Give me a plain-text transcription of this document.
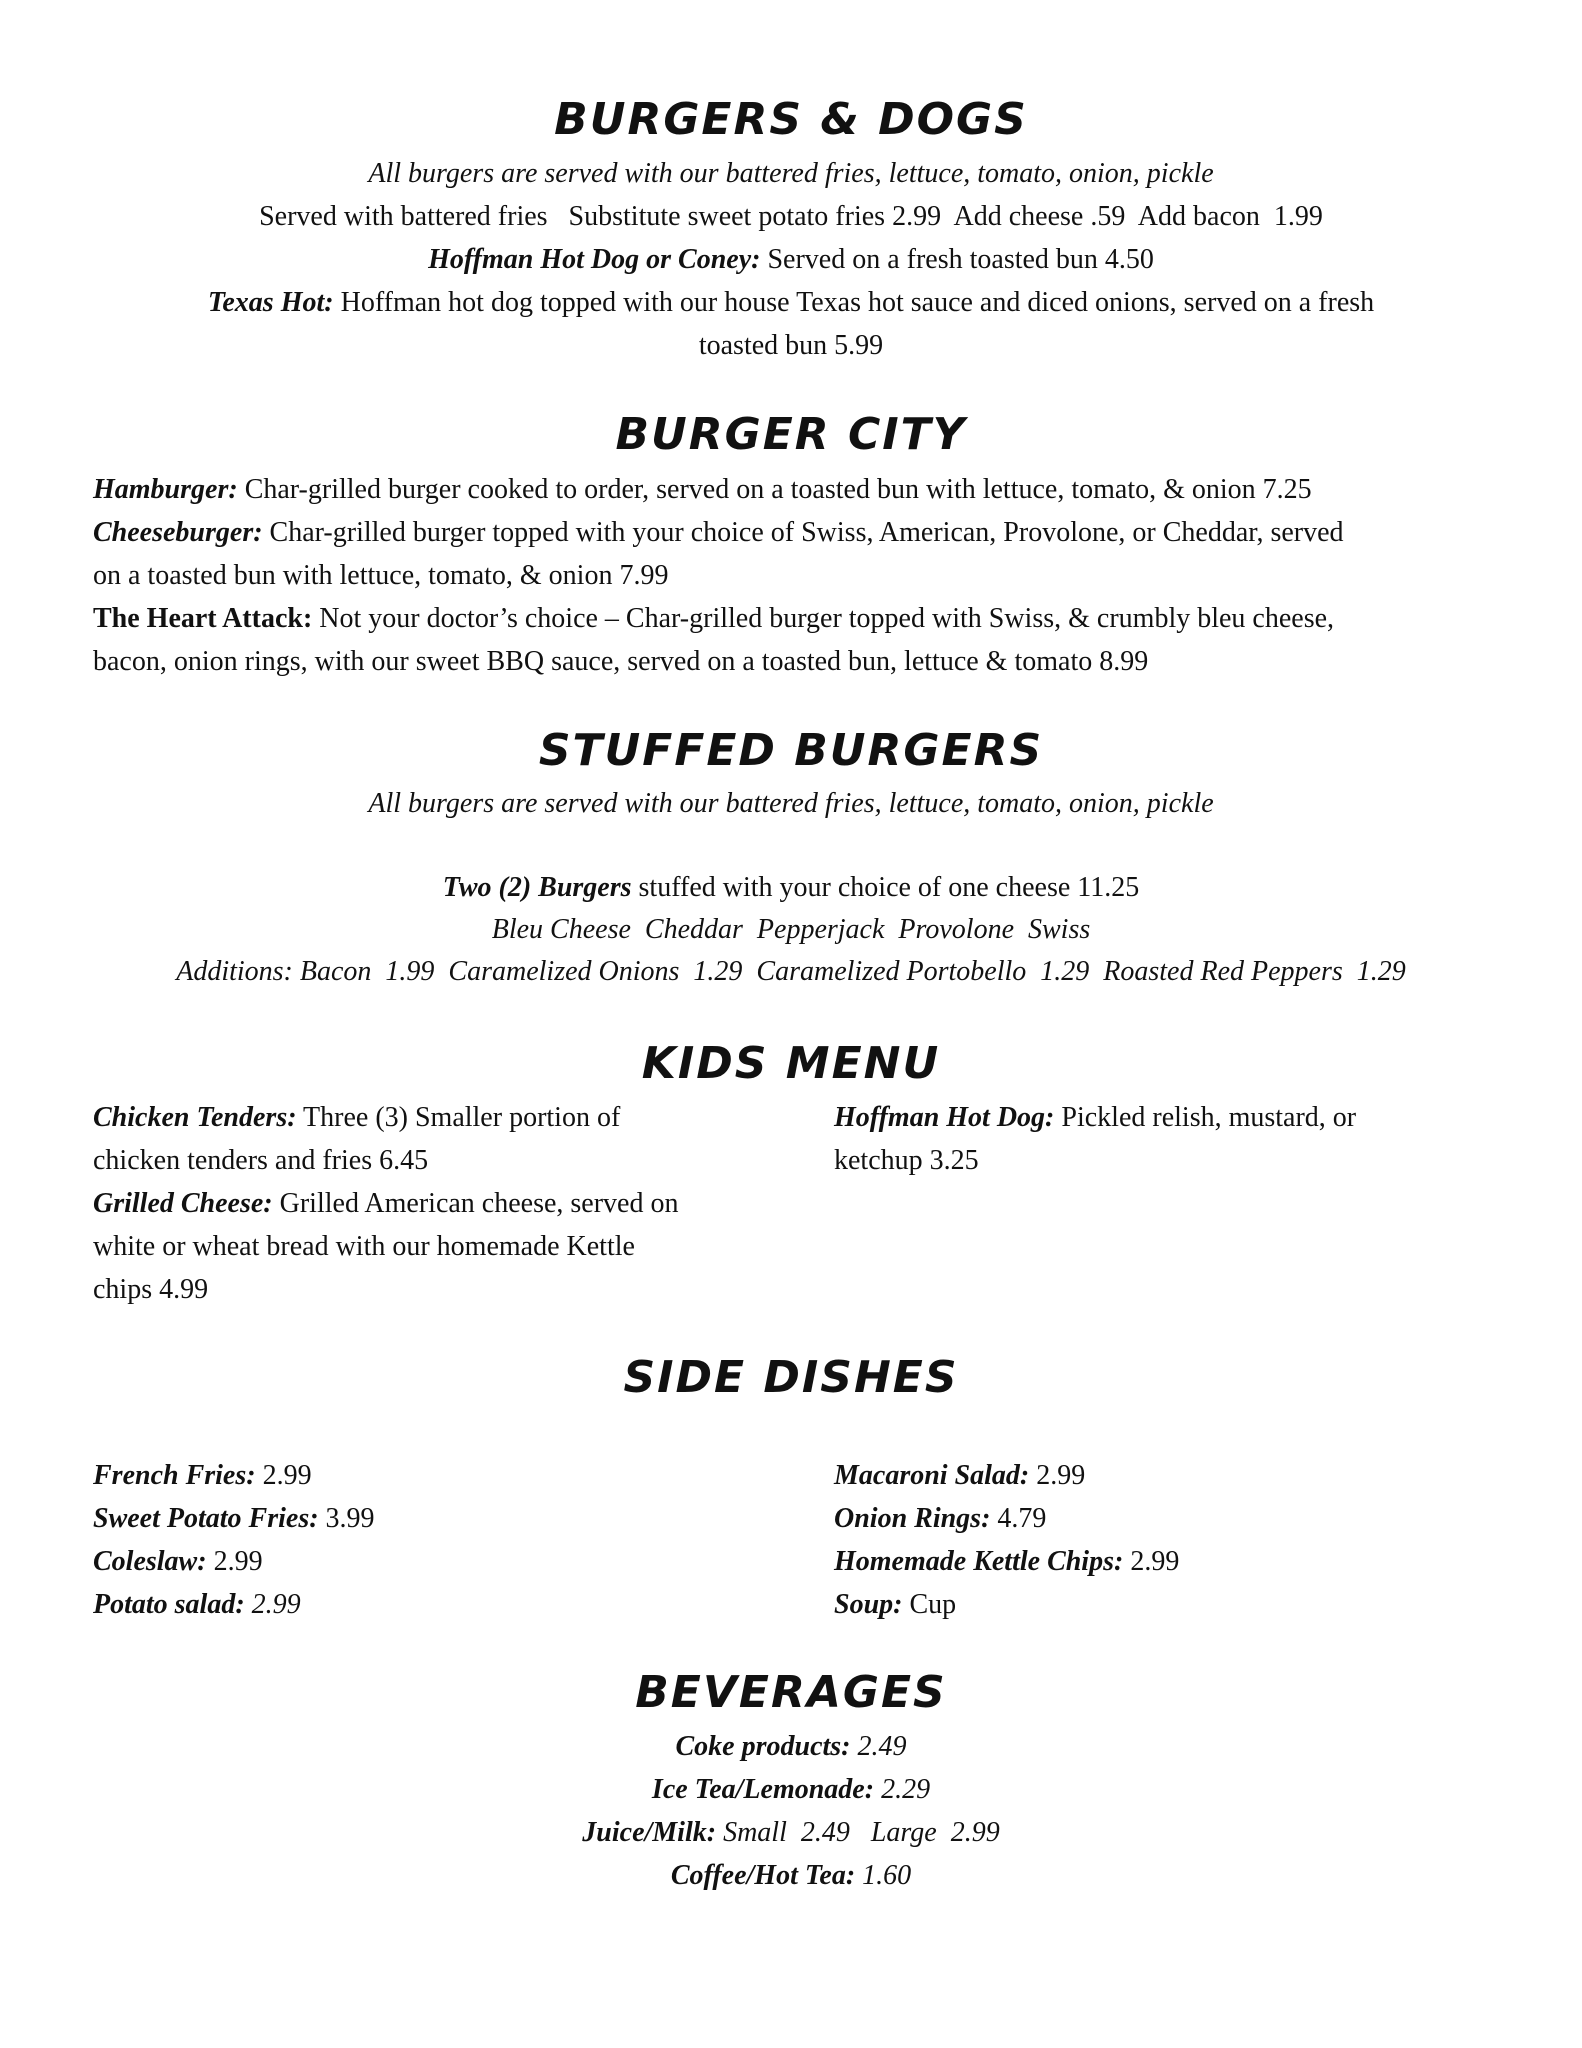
BURGERS & DOGS
All burgers are served with our battered fries, lettuce, tomato, onion, pickle
Served with battered fries   Substitute sweet potato fries 2.99  Add cheese .59  Add bacon  1.99
Hoffman Hot Dog or Coney: Served on a fresh toasted bun 4.50
Texas Hot: Hoffman hot dog topped with our house Texas hot sauce and diced onions, served on a fresh
toasted bun 5.99
BURGER CITY
Hamburger: Char-grilled burger cooked to order, served on a toasted bun with lettuce, tomato, & onion 7.25
Cheeseburger: Char-grilled burger topped with your choice of Swiss, American, Provolone, or Cheddar, served
on a toasted bun with lettuce, tomato, & onion 7.99
The Heart Attack: Not your doctor’s choice – Char-grilled burger topped with Swiss, & crumbly bleu cheese,
bacon, onion rings, with our sweet BBQ sauce, served on a toasted bun, lettuce & tomato 8.99
STUFFED BURGERS
All burgers are served with our battered fries, lettuce, tomato, onion, pickle
Two (2) Burgers stuffed with your choice of one cheese 11.25
Bleu Cheese  Cheddar  Pepperjack  Provolone  Swiss
Additions: Bacon  1.99  Caramelized Onions  1.29  Caramelized Portobello  1.29  Roasted Red Peppers  1.29
KIDS MENU
Chicken Tenders: Three (3) Smaller portion of
chicken tenders and fries 6.45
Grilled Cheese: Grilled American cheese, served on
white or wheat bread with our homemade Kettle
chips 4.99
Hoffman Hot Dog: Pickled relish, mustard, or
ketchup 3.25
SIDE DISHES
French Fries: 2.99
Sweet Potato Fries: 3.99
Coleslaw: 2.99
Potato salad: 2.99
Macaroni Salad: 2.99
Onion Rings: 4.79
Homemade Kettle Chips: 2.99
Soup: Cup
BEVERAGES
Coke products: 2.49
Ice Tea/Lemonade: 2.29
Juice/Milk: Small  2.49   Large  2.99
Coffee/Hot Tea: 1.60
